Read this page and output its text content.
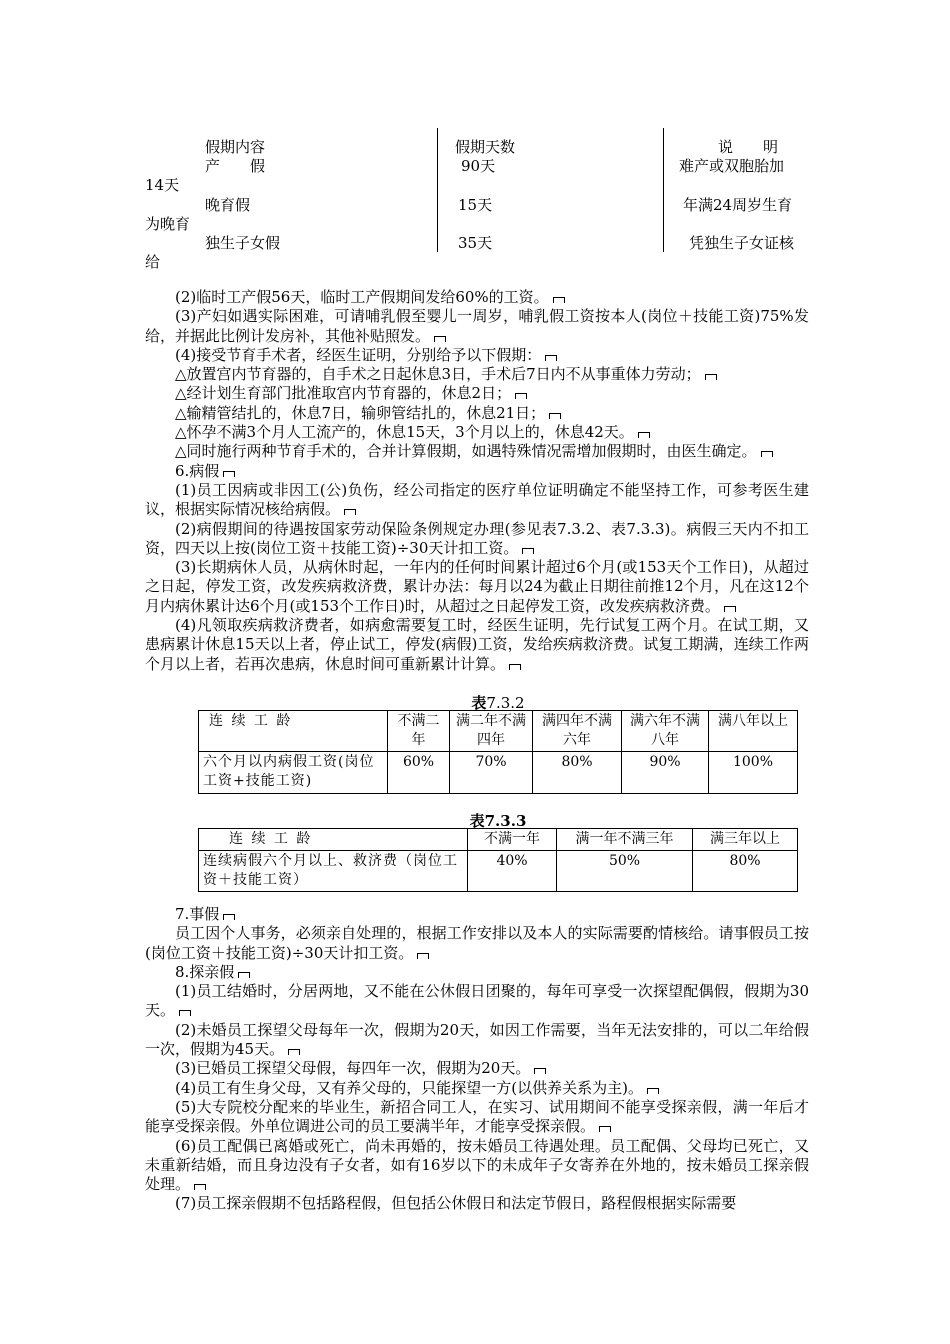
假期内容	假期天数	说　　明
产　　假	90天	难产或双胞胎加
14天
晚育假	15天	年满24周岁生育
为晚育
独生子女假	35天	凭独生子女证核
给

(2)临时工产假56天，临时工产假期间发给60%的工资。

(3)产妇如遇实际困难，可请哺乳假至婴儿一周岁，哺乳假工资按本人(岗位＋技能工资)75%发给，并据此比例计发房补，其他补贴照发。

(4)接受节育手术者，经医生证明，分别给予以下假期：

△放置宫内节育器的，自手术之日起休息3日，手术后7日内不从事重体力劳动；

△经计划生育部门批准取宫内节育器的，休息2日；

△输精管结扎的，休息7日，输卵管结扎的，休息21日；

△怀孕不满3个月人工流产的，休息15天，3个月以上的，休息42天。

△同时施行两种节育手术的，合并计算假期，如遇特殊情况需增加假期时，由医生确定。

6.病假

(1)员工因病或非因工(公)负伤，经公司指定的医疗单位证明确定不能坚持工作，可参考医生建议，根据实际情况核给病假。

(2)病假期间的待遇按国家劳动保险条例规定办理(参见表7.3.2、表7.3.3)。病假三天内不扣工资，四天以上按(岗位工资＋技能工资)÷30天计扣工资。

(3)长期病休人员，从病休时起，一年内的任何时间累计超过6个月(或153天个工作日)，从超过之日起，停发工资，改发疾病救济费，累计办法：每月以24为截止日期往前推12个月，凡在这12个月内病休累计达6个月(或153个工作日)时，从超过之日起停发工资，改发疾病救济费。

(4)凡领取疾病救济费者，如病愈需要复工时，经医生证明，先行试复工两个月。在试工期，又患病累计休息15天以上者，停止试工，停发(病假)工资，发给疾病救济费。试复工期满，连续工作两个月以上者，若再次患病，休息时间可重新累计计算。

表7.3.2
连 续 工 龄	不满二年	满二年不满四年	满四年不满六年	满六年不满八年	满八年以上
六个月以内病假工资(岗位工资+技能工资)	60%	70%	80%	90%	100%
表7.3.3
连 续 工 龄	不满一年	满一年不满三年	满三年以上
连续病假六个月以上、救济费（岗位工资＋技能工资）	40%	50%	80%

7.事假

员工因个人事务，必须亲自处理的，根据工作安排以及本人的实际需要酌情核给。请事假员工按(岗位工资＋技能工资)÷30天计扣工资。

8.探亲假

(1)员工结婚时，分居两地，又不能在公休假日团聚的，每年可享受一次探望配偶假，假期为30天。

(2)未婚员工探望父母每年一次，假期为20天，如因工作需要，当年无法安排的，可以二年给假一次，假期为45天。

(3)已婚员工探望父母假，每四年一次，假期为20天。

(4)员工有生身父母，又有养父母的，只能探望一方(以供养关系为主)。

(5)大专院校分配来的毕业生，新招合同工人，在实习、试用期间不能享受探亲假，满一年后才能享受探亲假。外单位调进公司的员工要满半年，才能享受探亲假。

(6)员工配偶已离婚或死亡，尚未再婚的，按未婚员工待遇处理。员工配偶、父母均已死亡，又未重新结婚，而且身边没有子女者，如有16岁以下的未成年子女寄养在外地的，按未婚员工探亲假处理。

(7)员工探亲假期不包括路程假，但包括公休假日和法定节假日，路程假根据实际需要
